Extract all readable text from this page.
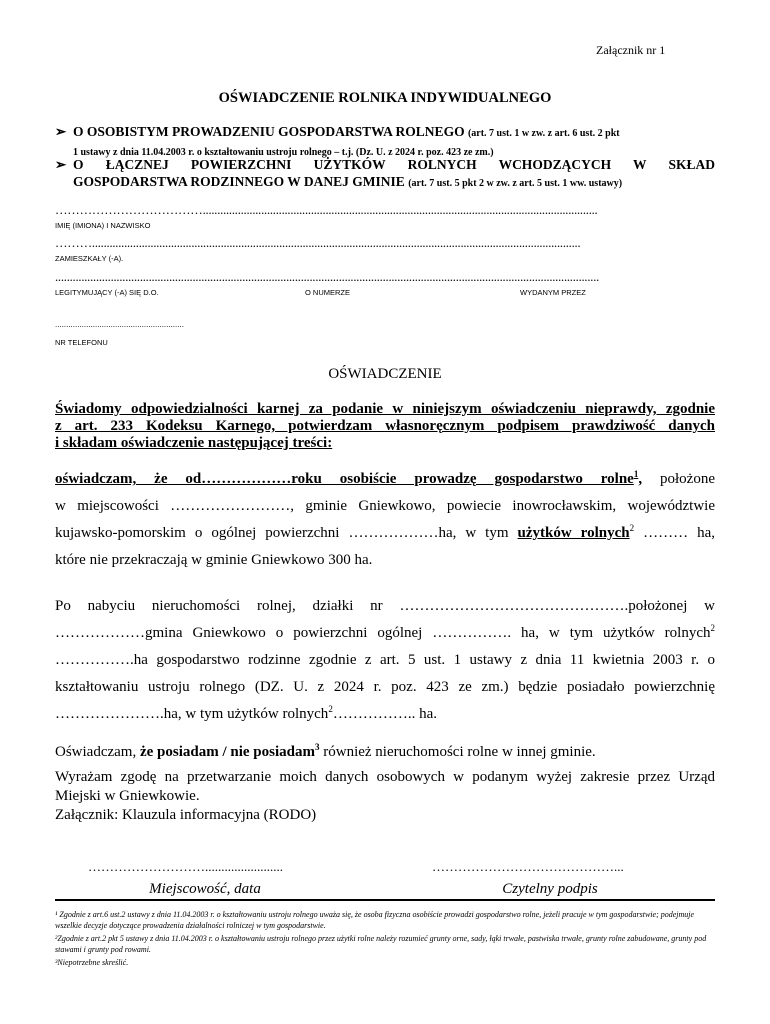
Załącznik nr 1
OŚWIADCZENIE ROLNIKA INDYWIDUALNEGO
➢ O OSOBISTYM PROWADZENIU GOSPODARSTWA ROLNEGO (art. 7 ust. 1 w zw. z art. 6 ust. 2 pkt
1 ustawy z dnia 11.04.2003 r. o kształtowaniu ustroju rolnego – t.j. (Dz. U. z 2024 r. poz. 423 ze zm.)
➢ O ŁĄCZNEJ POWIERZCHNI UŻYTKÓW ROLNYCH WCHODZĄCYCH W SKŁAD
GOSPODARSTWA RODZINNEGO W DANEJ GMINIE (art. 7 ust. 5 pkt 2 w zw. z art. 5 ust. 1 ww. ustawy)
……………………………….......................................................................................................................................
IMIĘ (IMIONA) I NAZWISKO
……….......................................................................................................................................................................
ZAMIESZKAŁY (-A).
..........................................................................................................................................................................................
LEGITYMUJĄCY (-A) SIĘ D.O.	O NUMERZE	WYDANYM PRZEZ
..........................................................
NR TELEFONU
OŚWIADCZENIE
Świadomy odpowiedzialności karnej za podanie w niniejszym oświadczeniu nieprawdy, zgodnie
z art. 233 Kodeksu Karnego, potwierdzam własnoręcznym podpisem prawdziwość danych
i składam oświadczenie następującej treści:
oświadczam, że od………………roku osobiście prowadzę gospodarstwo rolne$^1$, położone
w miejscowości ……………………, gminie Gniewkowo, powiecie inowrocławskim, województwie
kujawsko-pomorskim o ogólnej powierzchni ………………ha, w tym użytków rolnych$^2$ ……… ha,
które nie przekraczają w gminie Gniewkowo 300 ha.
Po nabyciu nieruchomości rolnej, działki nr ……………………………………….położonej w
………………gmina Gniewkowo o powierzchni ogólnej ……………. ha, w tym użytków rolnych$^2$
…………….ha gospodarstwo rodzinne zgodnie z art. 5 ust. 1 ustawy z dnia 11 kwietnia 2003 r. o
kształtowaniu ustroju rolnego (DZ. U. z 2024 r. poz. 423 ze zm.) będzie posiadało powierzchnię
………………….ha, w tym użytków rolnych$^2$…………….. ha.
Oświadczam, że posiadam / nie posiadam$^3$ również nieruchomości rolne w innej gminie.
Wyrażam zgodę na przetwarzanie moich danych osobowych w podanym wyżej zakresie przez Urząd
Miejski w Gniewkowie.
Załącznik: Klauzula informacyjna (RODO)
………………………........................	……………………………………...
Miejscowość, data	Czytelny podpis
¹ Zgodnie z art.6 ust.2 ustawy z dnia 11.04.2003 r. o kształtowaniu ustroju rolnego uważa się, że osoba fizyczna osobiście prowadzi gospodarstwo rolne, jeżeli pracuje w tym gospodarstwie; podejmuje wszelkie decyzje dotyczące prowadzenia działalności rolniczej w tym gospodarstwie.
²Zgodnie z art.2 pkt 5 ustawy z dnia 11.04.2003 r. o kształtowaniu ustroju rolnego przez użytki rolne należy rozumieć grunty orne, sady, łąki trwałe, pastwiska trwałe, grunty rolne zabudowane, grunty pod stawami i grunty pod rowami.
³Niepotrzebne skreślić.
